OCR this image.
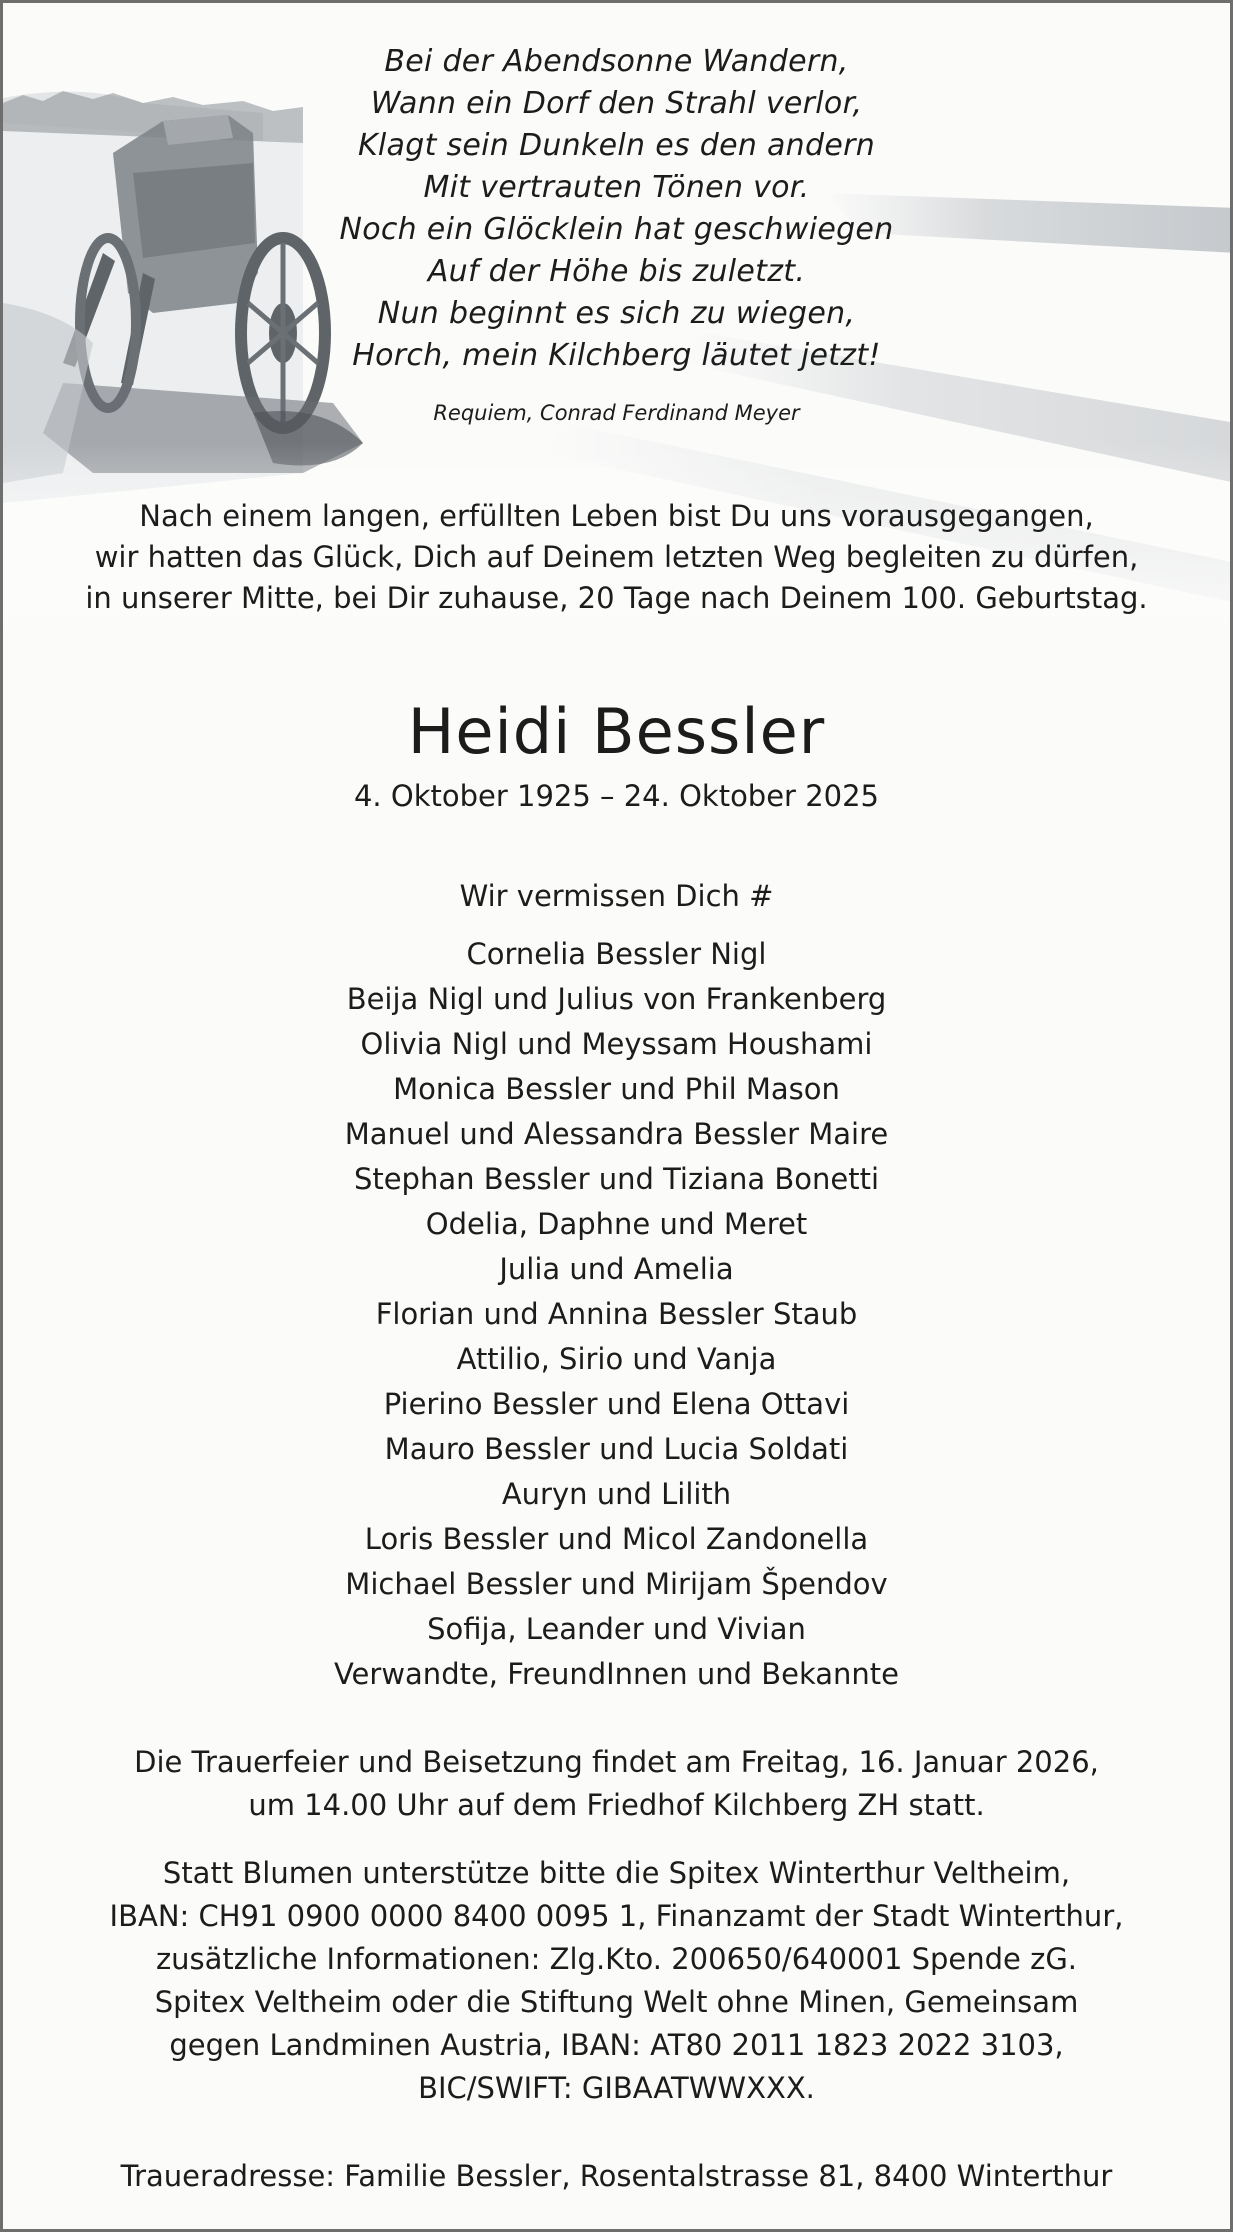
Bei der Abendsonne Wandern,
Wann ein Dorf den Strahl verlor,
Klagt sein Dunkeln es den andern
Mit vertrauten Tönen vor.
Noch ein Glöcklein hat geschwiegen
Auf der Höhe bis zuletzt.
Nun beginnt es sich zu wiegen,
Horch, mein Kilchberg läutet jetzt!
Requiem, Conrad Ferdinand Meyer
Nach einem langen, erfüllten Leben bist Du uns vorausgegangen,
wir hatten das Glück, Dich auf Deinem letzten Weg begleiten zu dürfen,
in unserer Mitte, bei Dir zuhause, 20 Tage nach Deinem 100. Geburtstag.
Heidi Bessler
4. Oktober 1925 – 24. Oktober 2025
Wir vermissen Dich #
Cornelia Bessler Nigl
Beija Nigl und Julius von Frankenberg
Olivia Nigl und Meyssam Houshami
Monica Bessler und Phil Mason
Manuel und Alessandra Bessler Maire
Stephan Bessler und Tiziana Bonetti
Odelia, Daphne und Meret
Julia und Amelia
Florian und Annina Bessler Staub
Attilio, Sirio und Vanja
Pierino Bessler und Elena Ottavi
Mauro Bessler und Lucia Soldati
Auryn und Lilith
Loris Bessler und Micol Zandonella
Michael Bessler und Mirijam Špendov
Sofija, Leander und Vivian
Verwandte, FreundInnen und Bekannte
Die Trauerfeier und Beisetzung findet am Freitag, 16. Januar 2026,
um 14.00 Uhr auf dem Friedhof Kilchberg ZH statt.
Statt Blumen unterstütze bitte die Spitex Winterthur Veltheim,
IBAN: CH91 0900 0000 8400 0095 1, Finanzamt der Stadt Winterthur,
zusätzliche Informationen: Zlg.Kto. 200650/640001 Spende zG.
Spitex Veltheim oder die Stiftung Welt ohne Minen, Gemeinsam
gegen Landminen Austria, IBAN: AT80 2011 1823 2022 3103,
BIC/SWIFT: GIBAATWWXXX.
Traueradresse: Familie Bessler, Rosentalstrasse 81, 8400 Winterthur
